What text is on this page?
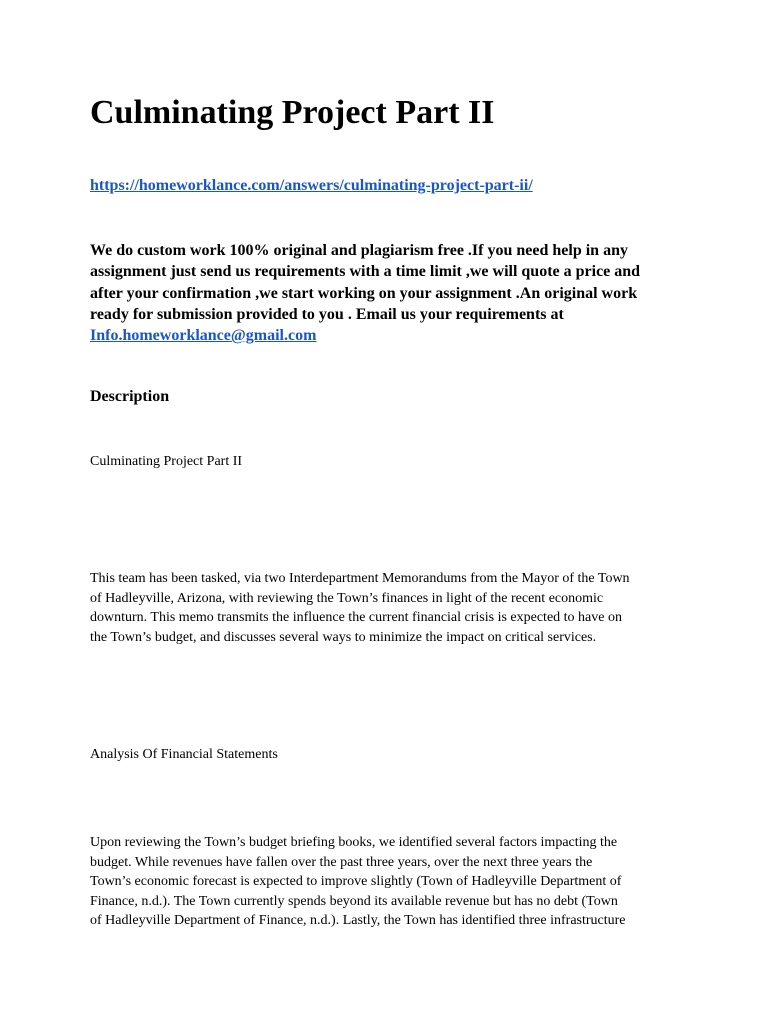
Culminating Project Part II
https://homeworklance.com/answers/culminating-project-part-ii/
We do custom work 100% original and plagiarism free .If you need help in any
assignment just send us requirements with a time limit ,we will quote a price and
after your confirmation ,we start working on your assignment .An original work
ready for submission provided to you . Email us your requirements at
Info.homeworklance@gmail.com
Description
Culminating Project Part II
This team has been tasked, via two Interdepartment Memorandums from the Mayor of the Town
of Hadleyville, Arizona, with reviewing the Town’s finances in light of the recent economic
downturn. This memo transmits the influence the current financial crisis is expected to have on
the Town’s budget, and discusses several ways to minimize the impact on critical services.
Analysis Of Financial Statements
Upon reviewing the Town’s budget briefing books, we identified several factors impacting the
budget. While revenues have fallen over the past three years, over the next three years the
Town’s economic forecast is expected to improve slightly (Town of Hadleyville Department of
Finance, n.d.). The Town currently spends beyond its available revenue but has no debt (Town
of Hadleyville Department of Finance, n.d.). Lastly, the Town has identified three infrastructure
